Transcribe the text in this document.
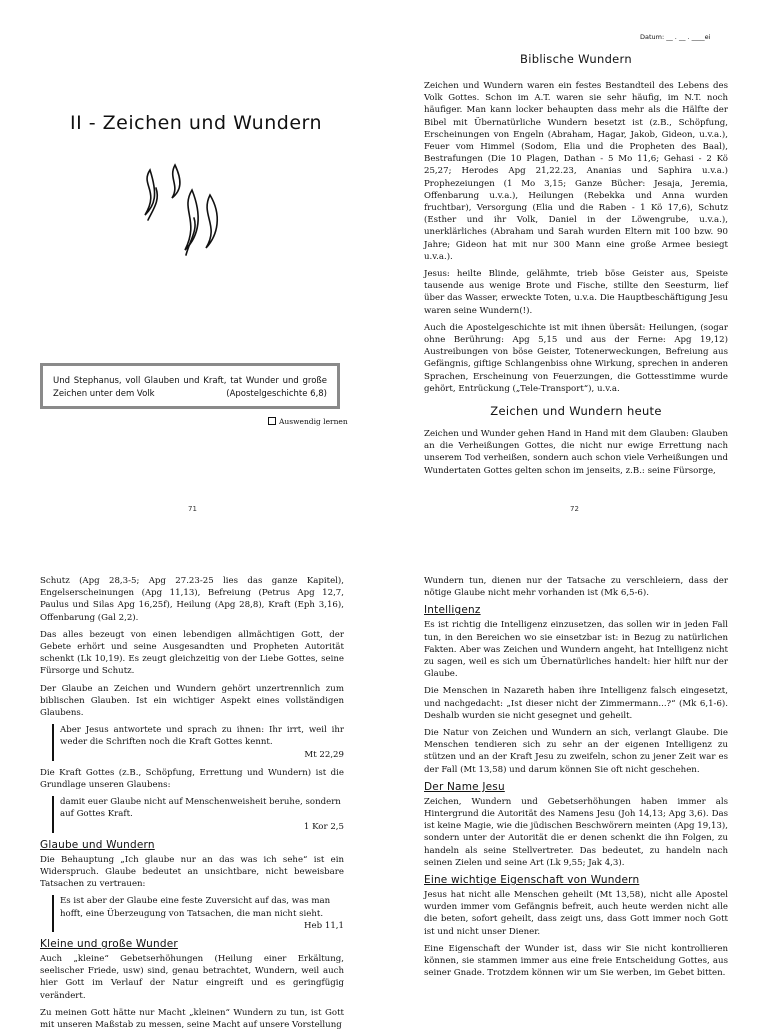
Datum: __ . __ . ____ei
II - Zeichen und Wundern
Und Stephanus, voll Glauben und Kraft, tat Wunder und große Zeichen unter dem Volk	(Apostelgeschichte 6,8)
Auswendig lernen
71
Biblische Wundern

Zeichen und Wundern waren ein festes Bestandteil des Lebens des Volk Gottes. Schon im A.T. waren sie sehr häufig, im N.T. noch häufiger. Man kann locker behaupten dass mehr als die Hälfte der Bibel mit Übernatürliche Wundern besetzt ist (z.B., Schöpfung, Erscheinungen von Engeln (Abraham, Hagar, Jakob, Gideon, u.v.a.), Feuer vom Himmel (Sodom, Elia und die Propheten des Baal), Bestrafungen (Die 10 Plagen, Dathan - 5 Mo 11,6; Gehasi - 2 Kö 25,27; Herodes Apg 21,22.23, Ananias und Saphira u.v.a.) Prophezeiungen (1 Mo 3,15; Ganze Bücher: Jesaja, Jeremia, Offenbarung u.v.a.), Heilungen (Rebekka und Anna wurden fruchtbar), Versorgung (Elia und die Raben - 1 Kö 17,6), Schutz (Esther und ihr Volk, Daniel in der Löwengrube, u.v.a.), unerklärliches (Abraham und Sarah wurden Eltern mit 100 bzw. 90 Jahre; Gideon hat mit nur 300 Mann eine große Armee besiegt u.v.a.).

Jesus: heilte Blinde, gelähmte, trieb böse Geister aus, Speiste tausende aus wenige Brote und Fische, stillte den Seesturm, lief über das Wasser, erweckte Toten, u.v.a. Die Hauptbeschäftigung Jesu waren seine Wundern(!).

Auch die Apostelgeschichte ist mit ihnen übersät: Heilungen, (sogar ohne Berührung: Apg 5,15 und aus der Ferne: Apg 19,12) Austreibungen von böse Geister, Totenerweckungen, Befreiung aus Gefängnis, giftige Schlangenbiss ohne Wirkung, sprechen in anderen Sprachen, Erscheinung von Feuerzungen, die Gottesstimme wurde gehört, Entrückung („Tele-Transport“), u.v.a.

Zeichen und Wundern heute

Zeichen und Wunder gehen Hand in Hand mit dem Glauben: Glauben an die Verheißungen Gottes, die nicht nur ewige Errettung nach unserem Tod verheißen, sondern auch schon viele Verheißungen und Wundertaten Gottes gelten schon im jenseits, z.B.: seine Fürsorge,

72

Schutz (Apg 28,3-5; Apg 27.23-25 lies das ganze Kapitel), Engelserscheinungen (Apg 11,13), Befreiung (Petrus Apg 12,7, Paulus und Silas Apg 16,25f), Heilung (Apg 28,8), Kraft (Eph 3,16), Offenbarung (Gal 2,2).

Das alles bezeugt von einen lebendigen allmächtigen Gott, der Gebete erhört und seine Ausgesandten und Propheten Autorität schenkt (Lk 10,19). Es zeugt gleichzeitig von der Liebe Gottes, seine Fürsorge und Schutz.

Der Glaube an Zeichen und Wundern gehört unzertrennlich zum biblischen Glauben. Ist ein wichtiger Aspekt eines vollständigen Glaubens.

Aber Jesus antwortete und sprach zu ihnen: Ihr irrt, weil ihr weder die Schriften noch die Kraft Gottes kennt.
Mt 22,29

Die Kraft Gottes (z.B., Schöpfung, Errettung und Wundern) ist die Grundlage unseren Glaubens:

damit euer Glaube nicht auf Menschenweisheit beruhe, sondern auf Gottes Kraft.
1 Kor 2,5
Glaube und Wundern

Die Behauptung „Ich glaube nur an das was ich sehe“ ist ein Widerspruch. Glaube bedeutet an unsichtbare, nicht beweisbare Tatsachen zu vertrauen:

Es ist aber der Glaube eine feste Zuversicht auf das, was man hofft, eine Überzeugung von Tatsachen, die man nicht sieht.
Heb 11,1
Kleine und große Wunder

Auch „kleine“ Gebetserhöhungen (Heilung einer Erkältung, seelischer Friede, usw) sind, genau betrachtet, Wundern, weil auch hier Gott im Verlauf der Natur eingreift und es geringfügig verändert.

Zu meinen Gott hätte nur Macht „kleinen“ Wundern zu tun, ist Gott mit unseren Maßstab zu messen, seine Macht auf unsere Vorstellung

Wundern tun, dienen nur der Tatsache zu verschleiern, dass der nötige Glaube nicht mehr vorhanden ist (Mk 6,5-6).

Intelligenz

Es ist richtig die Intelligenz einzusetzen, das sollen wir in jeden Fall tun, in den Bereichen wo sie einsetzbar ist: in Bezug zu natürlichen Fakten. Aber was Zeichen und Wundern angeht, hat Intelligenz nicht zu sagen, weil es sich um Übernatürliches handelt: hier hilft nur der Glaube.

Die Menschen in Nazareth haben ihre Intelligenz falsch eingesetzt, und nachgedacht: „Ist dieser nicht der Zimmermann...?“ (Mk 6,1-6). Deshalb wurden sie nicht gesegnet und geheilt.

Die Natur von Zeichen und Wundern an sich, verlangt Glaube. Die Menschen tendieren sich zu sehr an der eigenen Intelligenz zu stützen und an der Kraft Jesu zu zweifeln, schon zu jener Zeit war es der Fall (Mt 13,58) und darum können Sie oft nicht geschehen.

Der Name Jesu

Zeichen, Wundern und Gebetserhöhungen haben immer als Hintergrund die Autorität des Namens Jesu (Joh 14,13; Apg 3,6). Das ist keine Magie, wie die jüdischen Beschwörern meinten (Apg 19,13), sondern unter der Autorität die er denen schenkt die ihn Folgen, zu handeln als seine Stellvertreter. Das bedeutet, zu handeln nach seinen Zielen und seine Art (Lk 9,55; Jak 4,3).

Eine wichtige Eigenschaft von Wundern

Jesus hat nicht alle Menschen geheilt (Mt 13,58), nicht alle Apostel wurden immer vom Gefängnis befreit, auch heute werden nicht alle die beten, sofort geheilt, dass zeigt uns, dass Gott immer noch Gott ist und nicht unser Diener.

Eine Eigenschaft der Wunder ist, dass wir Sie nicht kontrollieren können, sie stammen immer aus eine freie Entscheidung Gottes, aus seiner Gnade. Trotzdem können wir um Sie werben, im Gebet bitten.
